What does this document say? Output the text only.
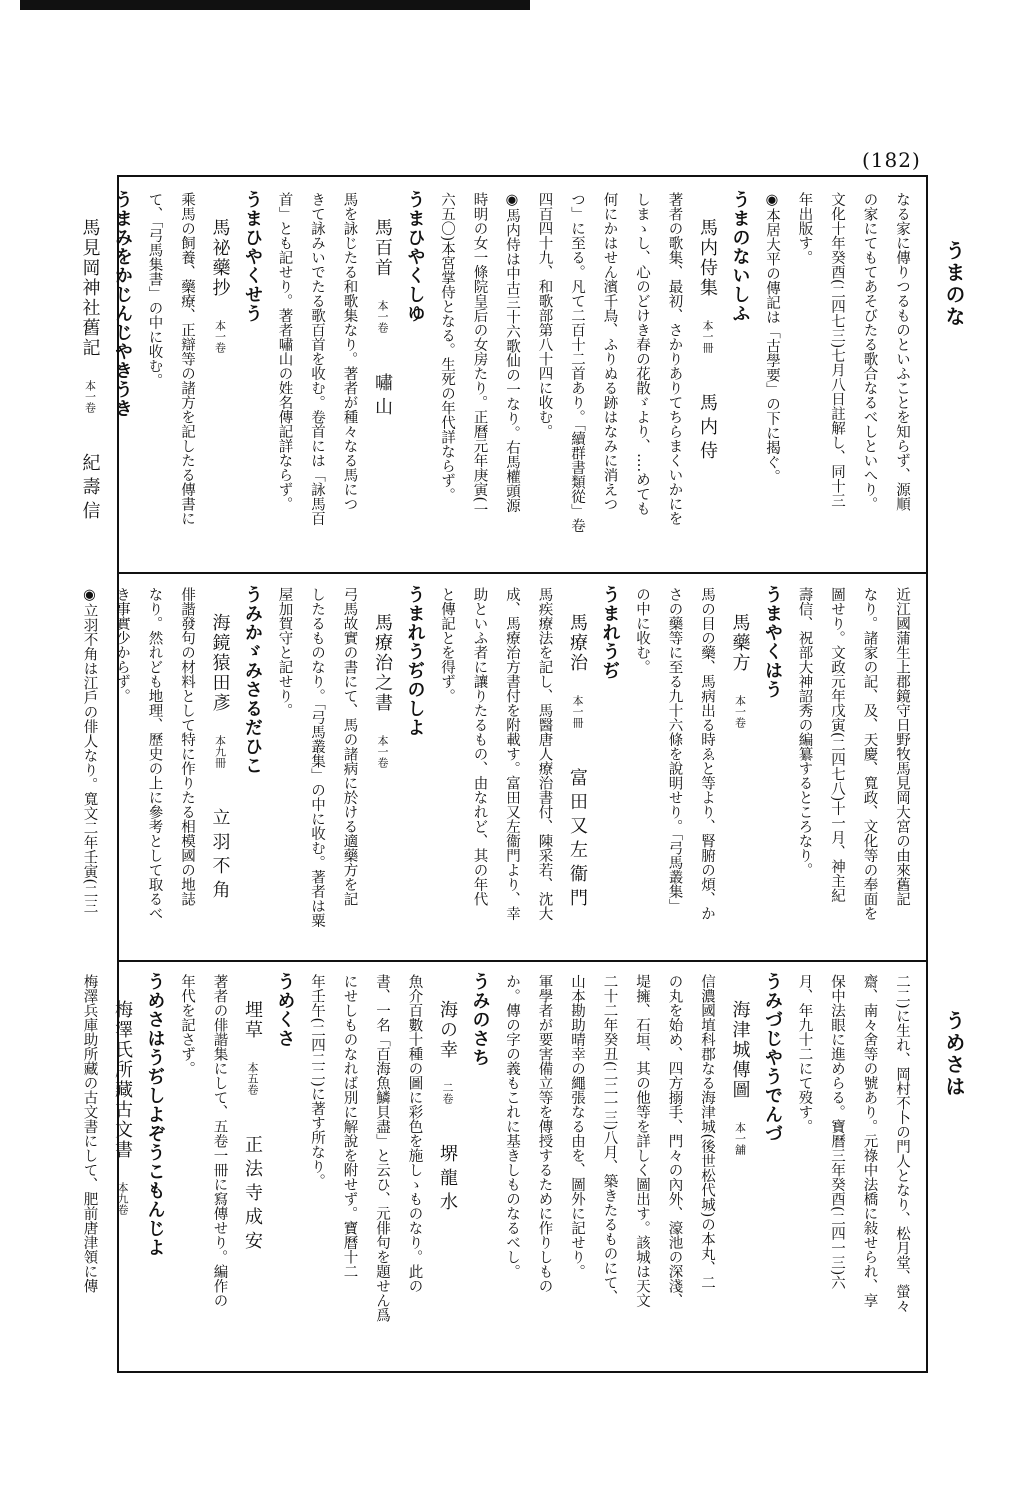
(182)
うまのな
うめさは
なる家に傳りつるものといふことを知らず、源順
の家にてもてあそびたる歌合なるべしといへり。
文化十年癸酉(二四七三)七月八日註解し、同十三
年出版す。
◉本居大平の傳記は「古學要」の下に揭ぐ。
うまのないしふ
馬内侍集本一冊馬内侍
著者の歌集、最初、さかりありてちらまくいかにを
しまゝし、心のどけき春の花散ゞより、‥‥めても
何にかはせん濱千鳥、ふりぬる跡はなみに消えつ
つ」に至る。凡て二百十二首あり。「續群書類從」卷
四百四十九、和歌部第八十四に收む。
◉馬内侍は中古三十六歌仙の一なり。右馬權頭源
時明の女一條院皇后の女房たり。正曆元年庚寅(一
六五〇)本宮掌侍となる。生死の年代詳ならず。
うまひやくしゆ
馬百首本一卷嘯山
馬を詠じたる和歌集なり。著者が種々なる馬につ
きて詠みいでたる歌百首を收む。卷首には「詠馬百
首」とも記せり。著者嘯山の姓名傳記詳ならず。
うまひやくせう
馬祕藥抄本一卷
乘馬の飼養、藥療、正辯等の諸方を記したる傳書に
て、「弓馬集書」の中に收む。
うまみをかじんじやきうき
馬見岡神社舊記本一卷紀壽信
近江國蒲生上郡鏡守日野牧馬見岡大宮の由來舊記
なり。諸家の記、及、天慶、寬政、文化等の奉面を
圖せり。文政元年戊寅(二四七八)十一月、神主紀
壽信、祝部大神詔秀の編纂するところなり。
うまやくはう
馬藥方本一卷
馬の目の藥、馬病出る時ゑと等より、腎腑の煩、か
さの藥等に至る九十六條を說明せり。「弓馬叢集」
の中に收む。
うまれうぢ
馬療治本一冊富田又左衞門
馬疾療法を記し、馬醫唐人療治書付、陳采若、沈大
成、馬療治方書付を附載す。富田又左衞門より、幸
助といふ者に讓りたるもの、由なれど、其の年代
と傳記とを得ず。
うまれうぢのしよ
馬療治之書本一卷
弓馬故實の書にて、馬の諸病に於ける適藥方を記
したるものなり。「弓馬叢集」の中に收む。著者は粟
屋加賀守と記せり。
うみかゞみさるだひこ
海鏡猿田彥本九冊立羽不角
俳諧發句の材料として特に作りたる相模國の地誌
なり。然れども地理、歷史の上に參考として取るべ
き事實少からず。
◉立羽不角は江戶の俳人なり。寬文二年壬寅(二三
二二)に生れ、岡村不卜の門人となり、松月堂、螢々
齋、南々舍等の號あり。元祿中法橋に敍せられ、享
保中法眼に進めらる。寶曆三年癸酉(二四一三)六
月、年九十二にて歿す。
うみづじやうでんづ
海津城傳圖本一舖
信濃國埴科郡なる海津城(後世松代城)の本丸、二
の丸を始め、四方搦手、門々の內外、濠池の深淺、
堤擁、石垣、其の他等を詳しく圖出す。該城は天文
二十二年癸丑(二二一三)八月、築きたるものにて、
山本勘助晴幸の繩張なる由を、圖外に記せり。
軍學者が要害備立等を傳授するために作りしもの
か。傳の字の義もこれに基きしものなるべし。
うみのさち
海の幸二卷堺龍水
魚介百數十種の圖に彩色を施しゝものなり。此の
書、一名「百海魚鱗貝盡」と云ひ、元俳句を題せん爲
にせしものなれば別に解說を附せず。寶曆十二
年壬午(二四二二)に著す所なり。
うめくさ
埋草本五卷正法寺成安
著者の俳諧集にして、五卷一冊に寫傳せり。編作の
年代を記さず。
うめさはうぢしよぞうこもんじよ
梅澤氏所藏古文書本九卷
梅澤兵庫助所藏の古文書にして、肥前唐津領に傳
